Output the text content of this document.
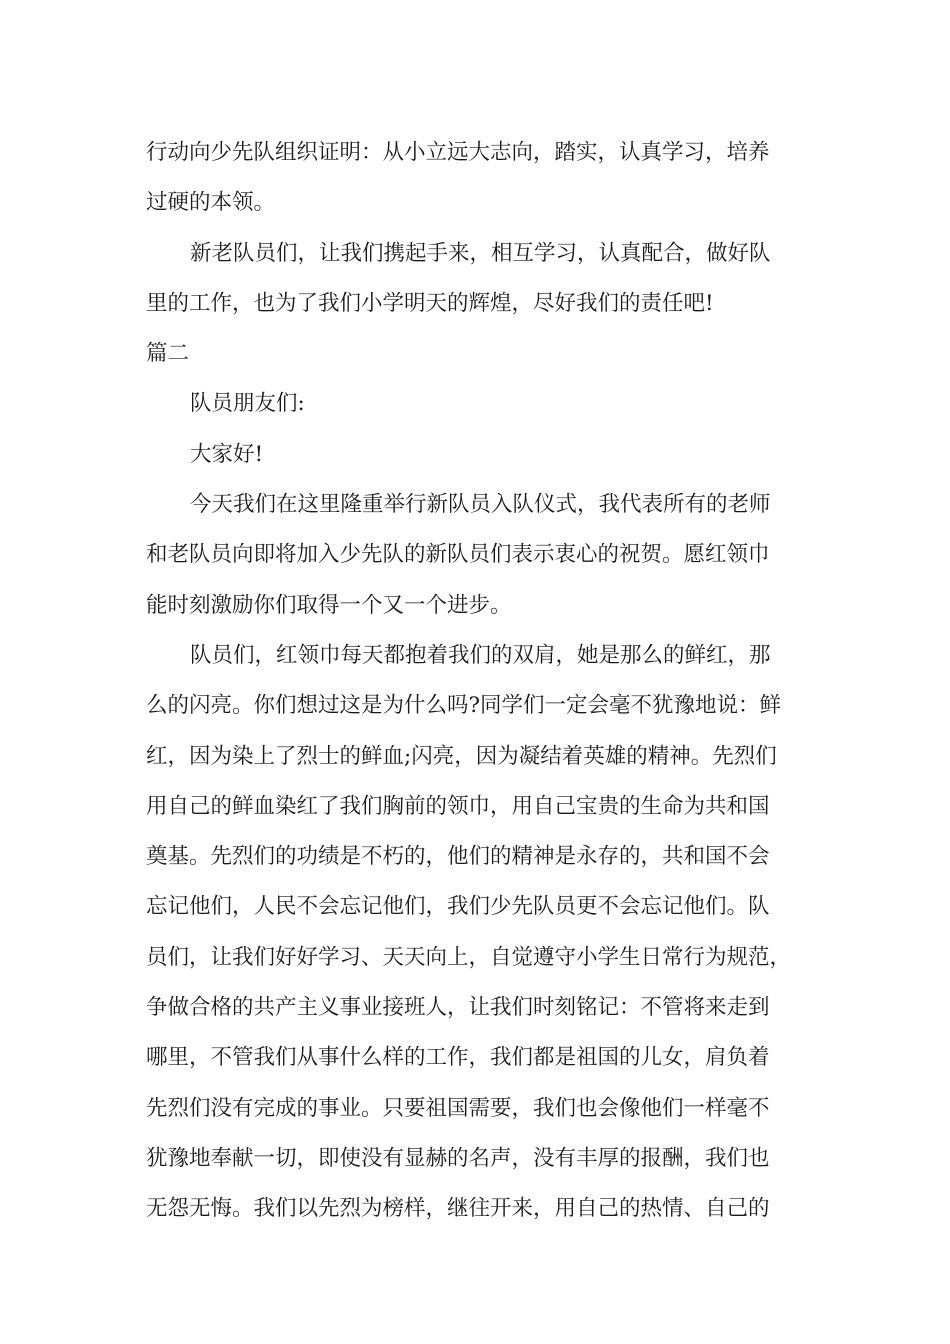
行动向少先队组织证明：从小立远大志向，踏实，认真学习，培养
过硬的本领。
新老队员们，让我们携起手来，相互学习，认真配合，做好队
里的工作，也为了我们小学明天的辉煌，尽好我们的责任吧!
篇二
队员朋友们:
大家好!
今天我们在这里隆重举行新队员入队仪式，我代表所有的老师
和老队员向即将加入少先队的新队员们表示衷心的祝贺。愿红领巾
能时刻激励你们取得一个又一个进步。
队员们，红领巾每天都抱着我们的双肩，她是那么的鲜红，那
么的闪亮。你们想过这是为什么吗?同学们一定会毫不犹豫地说：鲜
红，因为染上了烈士的鲜血;闪亮，因为凝结着英雄的精神。先烈们
用自己的鲜血染红了我们胸前的领巾，用自己宝贵的生命为共和国
奠基。先烈们的功绩是不朽的，他们的精神是永存的，共和国不会
忘记他们，人民不会忘记他们，我们少先队员更不会忘记他们。队
员们，让我们好好学习、天天向上，自觉遵守小学生日常行为规范，
争做合格的共产主义事业接班人，让我们时刻铭记：不管将来走到
哪里，不管我们从事什么样的工作，我们都是祖国的儿女，肩负着
先烈们没有完成的事业。只要祖国需要，我们也会像他们一样毫不
犹豫地奉献一切，即使没有显赫的名声，没有丰厚的报酬，我们也
无怨无悔。我们以先烈为榜样，继往开来，用自己的热情、自己的
